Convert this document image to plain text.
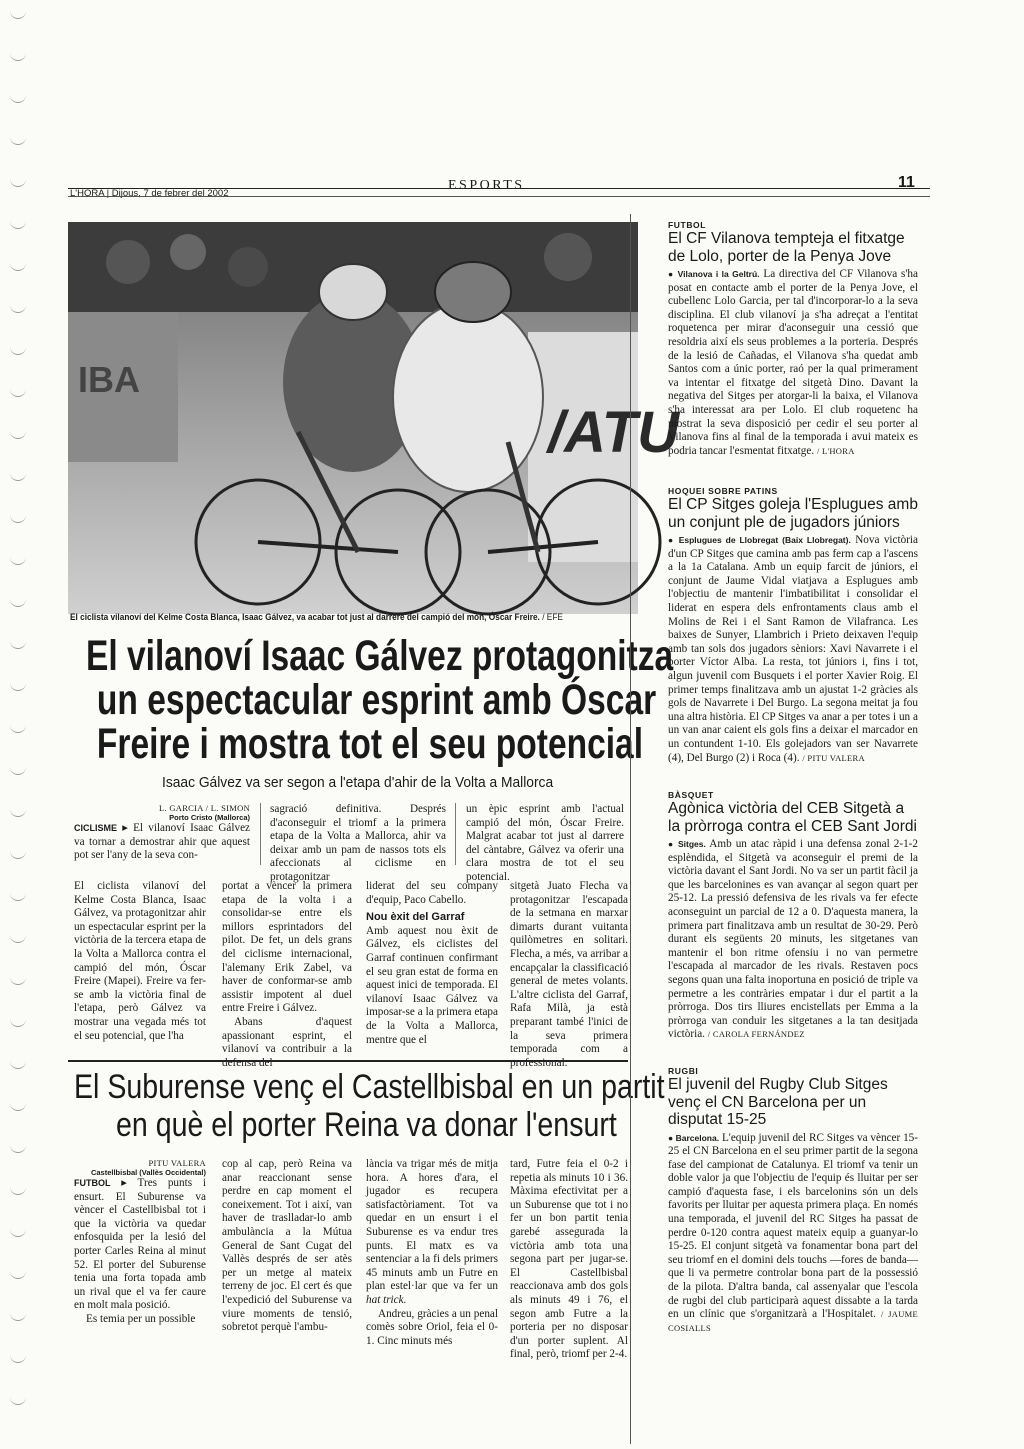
L'HORA | Dijous, 7 de febrer del 2002
ESPORTS	11
/ATU
IBA
El ciclista vilanoví del Kelme Costa Blanca, Isaac Gálvez, va acabar tot just al darrere del campió del món, Óscar Freire. / EFE
El vilanoví Isaac Gálvez protagonitza
un espectacular esprint amb Óscar
Freire i mostra tot el seu potencial
Isaac Gálvez va ser segon a l'etapa d'ahir de la Volta a Mallorca
L. GARCIA / L. SIMON
Porto Cristo (Mallorca)
CICLISME ▸ El vilanoví Isaac Gálvez va tornar a demostrar ahir que aquest pot ser l'any de la seva con-
sagració definitiva. Després d'aconseguir el triomf a la primera etapa de la Volta a Mallorca, ahir va deixar amb un pam de nassos tots els afeccionats al ciclisme en protagonitzar
un èpic esprint amb l'actual campió del món, Óscar Freire. Malgrat acabar tot just al darrere del càntabre, Gálvez va oferir una clara mostra de tot el seu potencial.
El ciclista vilanoví del Kelme Costa Blanca, Isaac Gálvez, va protagonitzar ahir un espectacular esprint per la victòria de la tercera etapa de la Volta a Mallorca contra el campió del món, Óscar Freire (Mapei). Freire va fer-se amb la victòria final de l'etapa, però Gálvez va mostrar una vegada més tot el seu potencial, que l'ha
portat a vèncer la primera etapa de la volta i a consolidar-se entre els millors esprintadors del pilot. De fet, un dels grans del ciclisme internacional, l'alemany Erik Zabel, va haver de conformar-se amb assistir impotent al duel entre Freire i Gálvez.
Abans d'aquest apassionant esprint, el vilanoví va contribuir a la defensa del
liderat del seu company d'equip, Paco Cabello.
Nou èxit del Garraf
Amb aquest nou èxit de Gálvez, els ciclistes del Garraf continuen confirmant el seu gran estat de forma en aquest inici de temporada. El vilanoví Isaac Gálvez va imposar-se a la primera etapa de la Volta a Mallorca, mentre que el
sitgetà Juato Flecha va protagonitzar l'escapada de la setmana en marxar dimarts durant vuitanta quilòmetres en solitari. Flecha, a més, va arribar a encapçalar la classificació general de metes volants. L'altre ciclista del Garraf, Rafa Milà, ja està preparant també l'inici de la seva primera temporada com a professional.
El Suburense venç el Castellbisbal en un partit
en què el porter Reina va donar l'ensurt
PITU VALERA
Castellbisbal (Vallès Occidental)
FUTBOL ▸ Tres punts i ensurt. El Suburense va vèncer el Castellbisbal tot i que la victòria va quedar enfosquida per la lesió del porter Carles Reina al minut 52. El porter del Suburense tenia una forta topada amb un rival que el va fer caure en molt mala posició.
Es temia per un possible
cop al cap, però Reina va anar reaccionant sense perdre en cap moment el coneixement. Tot i així, van haver de traslladar-lo amb ambulància a la Mútua General de Sant Cugat del Vallès després de ser atès per un metge al mateix terreny de joc. El cert és que l'expedició del Suburense va viure moments de tensió, sobretot perquè l'ambu-
lància va trigar més de mitja hora. A hores d'ara, el jugador es recupera satisfactòriament. Tot va quedar en un ensurt i el Suburense es va endur tres punts. El matx es va sentenciar a la fi dels primers 45 minuts amb un Futre en plan estel·lar que va fer un hat trick.
Andreu, gràcies a un penal comès sobre Oriol, feia el 0-1. Cinc minuts més
tard, Futre feia el 0-2 i repetia als minuts 10 i 36. Màxima efectivitat per a un Suburense que tot i no fer un bon partit tenia garebé assegurada la victòria amb tota una segona part per jugar-se. El Castellbisbal reaccionava amb dos gols als minuts 49 i 76, el segon amb Futre a la porteria per no disposar d'un porter suplent. Al final, però, triomf per 2-4.
FUTBOL
El CF Vilanova tempteja el fitxatge de Lolo, porter de la Penya Jove
● Vilanova i la Geltrú. La directiva del CF Vilanova s'ha posat en contacte amb el porter de la Penya Jove, el cubellenc Lolo Garcia, per tal d'incorporar-lo a la seva disciplina. El club vilanoví ja s'ha adreçat a l'entitat roquetenca per mirar d'aconseguir una cessió que resoldria així els seus problemes a la porteria. Després de la lesió de Cañadas, el Vilanova s'ha quedat amb Santos com a únic porter, raó per la qual primerament va intentar el fitxatge del sitgetà Dino. Davant la negativa del Sitges per atorgar-li la baixa, el Vilanova s'ha interessat ara per Lolo. El club roquetenc ha mostrat la seva disposició per cedir el seu porter al Vilanova fins al final de la temporada i avui mateix es podria tancar l'esmentat fitxatge. / L'HORA
HOQUEI SOBRE PATINS
El CP Sitges goleja l'Esplugues amb un conjunt ple de jugadors júniors
● Esplugues de Llobregat (Baix Llobregat). Nova victòria d'un CP Sitges que camina amb pas ferm cap a l'ascens a la 1a Catalana. Amb un equip farcit de júniors, el conjunt de Jaume Vidal viatjava a Esplugues amb l'objectiu de mantenir l'imbatibilitat i consolidar el liderat en espera dels enfrontaments claus amb el Molins de Rei i el Sant Ramon de Vilafranca. Les baixes de Sunyer, Llambrich i Prieto deixaven l'equip amb tan sols dos jugadors sèniors: Xavi Navarrete i el porter Víctor Alba. La resta, tot júniors i, fins i tot, algun juvenil com Busquets i el porter Xavier Roig. El primer temps finalitzava amb un ajustat 1-2 gràcies als gols de Navarrete i Del Burgo. La segona meitat ja fou una altra història. El CP Sitges va anar a per totes i un a un van anar caient els gols fins a deixar el marcador en un contundent 1-10. Els golejadors van ser Navarrete (4), Del Burgo (2) i Roca (4). / PITU VALERA
BÀSQUET
Agònica victòria del CEB Sitgetà a la pròrroga contra el CEB Sant Jordi
● Sitges. Amb un atac ràpid i una defensa zonal 2-1-2 esplèndida, el Sitgetà va aconseguir el premi de la victòria davant el Sant Jordi. No va ser un partit fàcil ja que les barcelonines es van avançar al segon quart per 25-12. La pressió defensiva de les rivals va fer efecte aconseguint un parcial de 12 a 0. D'aquesta manera, la primera part finalitzava amb un resultat de 30-29. Però durant els següents 20 minuts, les sitgetanes van mantenir el bon ritme ofensiu i no van permetre l'escapada al marcador de les rivals. Restaven pocs segons quan una falta inoportuna en posició de triple va permetre a les contràries empatar i dur el partit a la pròrroga. Dos tirs lliures encistellats per Emma a la pròrroga van conduir les sitgetanes a la tan desitjada victòria. / CAROLA FERNÁNDEZ
RUGBI
El juvenil del Rugby Club Sitges venç el CN Barcelona per un disputat 15-25
● Barcelona. L'equip juvenil del RC Sitges va vèncer 15-25 el CN Barcelona en el seu primer partit de la segona fase del campionat de Catalunya. El triomf va tenir un doble valor ja que l'objectiu de l'equip és lluitar per ser campió d'aquesta fase, i els barcelonins són un dels favorits per lluitar per aquesta primera plaça. En només una temporada, el juvenil del RC Sitges ha passat de perdre 0-120 contra aquest mateix equip a guanyar-lo 15-25. El conjunt sitgetà va fonamentar bona part del seu triomf en el domini dels touchs —fores de banda— que li va permetre controlar bona part de la possessió de la pilota. D'altra banda, cal assenyalar que l'escola de rugbi del club participarà aquest dissabte a la tarda en un clínic que s'organitzarà a l'Hospitalet. / JAUME COSIALLS
